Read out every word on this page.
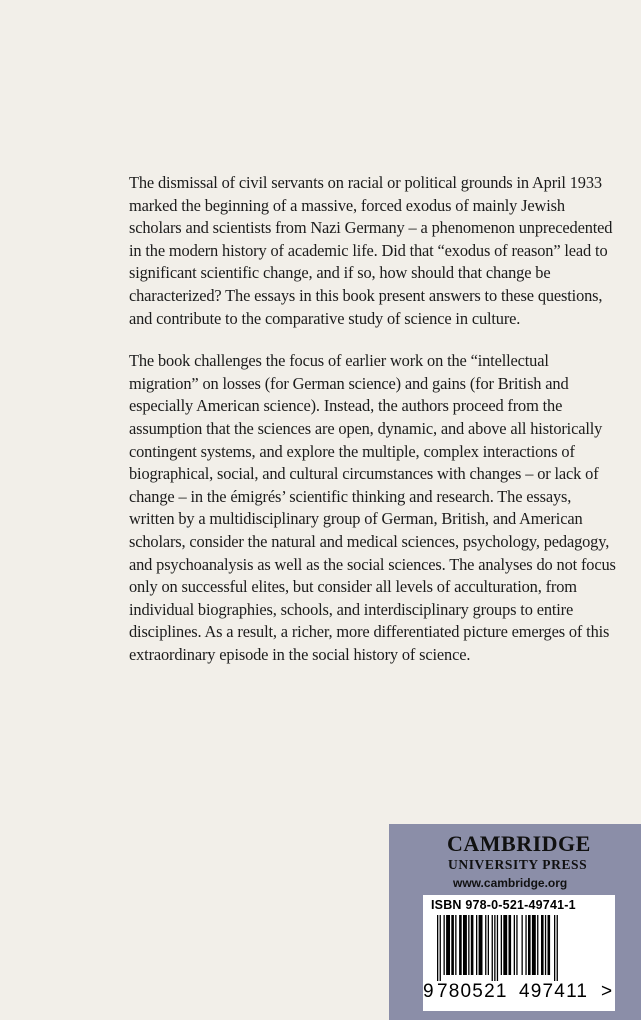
The dismissal of civil servants on racial or political grounds in April 1933 marked the beginning of a massive, forced exodus of mainly Jewish scholars and scientists from Nazi Germany – a phenomenon unprecedented in the modern history of academic life. Did that “exodus of reason” lead to significant scientific change, and if so, how should that change be characterized? The essays in this book present answers to these questions, and contribute to the comparative study of science in culture.

The book challenges the focus of earlier work on the “intellectual migration” on losses (for German science) and gains (for British and especially American science). Instead, the authors proceed from the assumption that the sciences are open, dynamic, and above all historically contingent systems, and explore the multiple, complex interactions of biographical, social, and cultural circumstances with changes – or lack of change – in the émigrés’ scientific thinking and research. The essays, written by a multidisciplinary group of German, British, and American scholars, consider the natural and medical sciences, psychology, pedagogy, and psychoanalysis as well as the social sciences. The analyses do not focus only on successful elites, but consider all levels of acculturation, from individual biographies, schools, and interdisciplinary groups to entire disciplines. As a result, a richer, more differentiated picture emerges of this extraordinary episode in the social history of science.

CAMBRIDGE
UNIVERSITY PRESS
www.cambridge.org
ISBN 978-0-521-49741-1
9 780521 497411 >
